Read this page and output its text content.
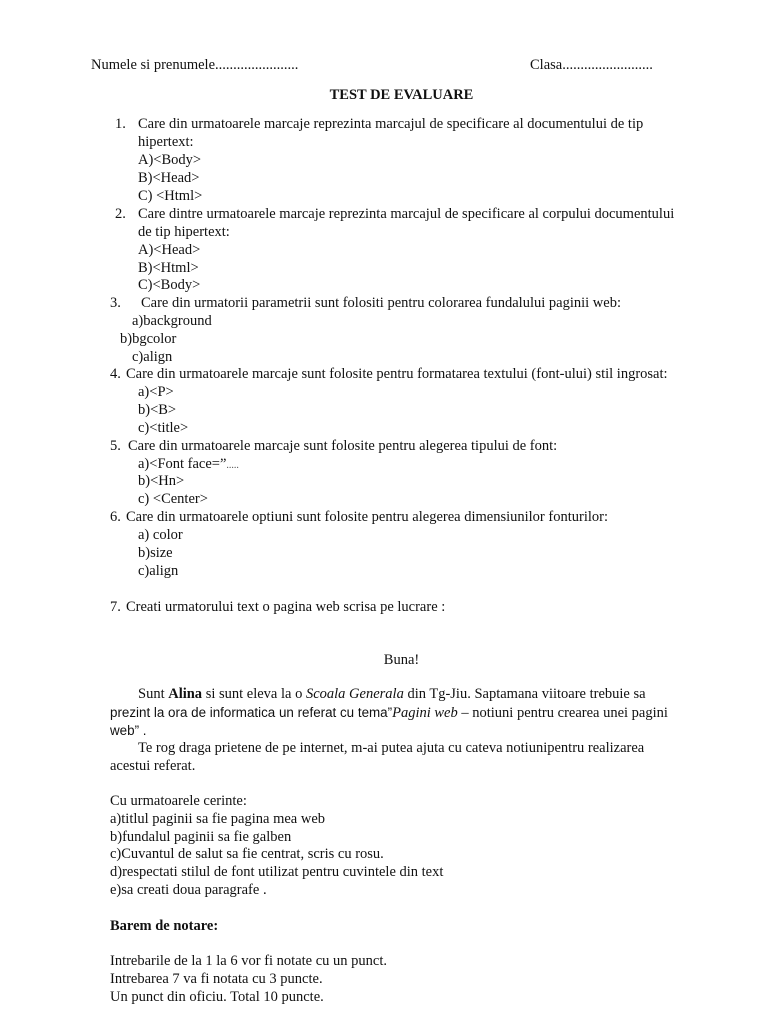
Numele si prenumele.......................	Clasa.........................
TEST DE EVALUARE
1. Care din urmatoarele marcaje reprezinta marcajul de specificare al documentului de tip
hipertext:
A)<Body>
B)<Head>
C) <Html>
2. Care dintre urmatoarele marcaje reprezinta marcajul de specificare al corpului documentului
de tip hipertext:
A)<Head>
B)<Html>
C)<Body>
3. Care din urmatorii parametrii sunt folositi pentru colorarea fundalului paginii web:
a)background
b)bgcolor
c)align
4. Care din urmatoarele marcaje sunt folosite pentru formatarea textului (font-ului) stil ingrosat:
a)<P>
b)<B>
c)<title>
5. Care din urmatoarele marcaje sunt folosite pentru alegerea tipului de font:
a)<Font face=”.....
b)<Hn>
c) <Center>
6. Care din urmatoarele optiuni sunt folosite pentru alegerea dimensiunilor fonturilor:
a) color
b)size
c)align
7. Creati urmatorului text o pagina web scrisa pe lucrare :
Buna!
Sunt Alina si sunt eleva la o Scoala Generala din Tg-Jiu. Saptamana viitoare trebuie sa
prezint la ora de informatica un referat cu tema”Pagini web – notiuni pentru crearea unei pagini
web” .
Te rog draga prietene de pe internet, m-ai putea ajuta cu cateva notiunipentru realizarea
acestui referat.
Cu urmatoarele cerinte:
a)titlul paginii sa fie pagina mea web
b)fundalul paginii sa fie galben
c)Cuvantul de salut sa fie centrat, scris cu rosu.
d)respectati stilul de font utilizat pentru cuvintele din text
e)sa creati doua paragrafe .
Barem de notare:
Intrebarile de la 1 la 6 vor fi notate cu un punct.
Intrebarea 7 va fi notata cu 3 puncte.
Un punct din oficiu. Total 10 puncte.
